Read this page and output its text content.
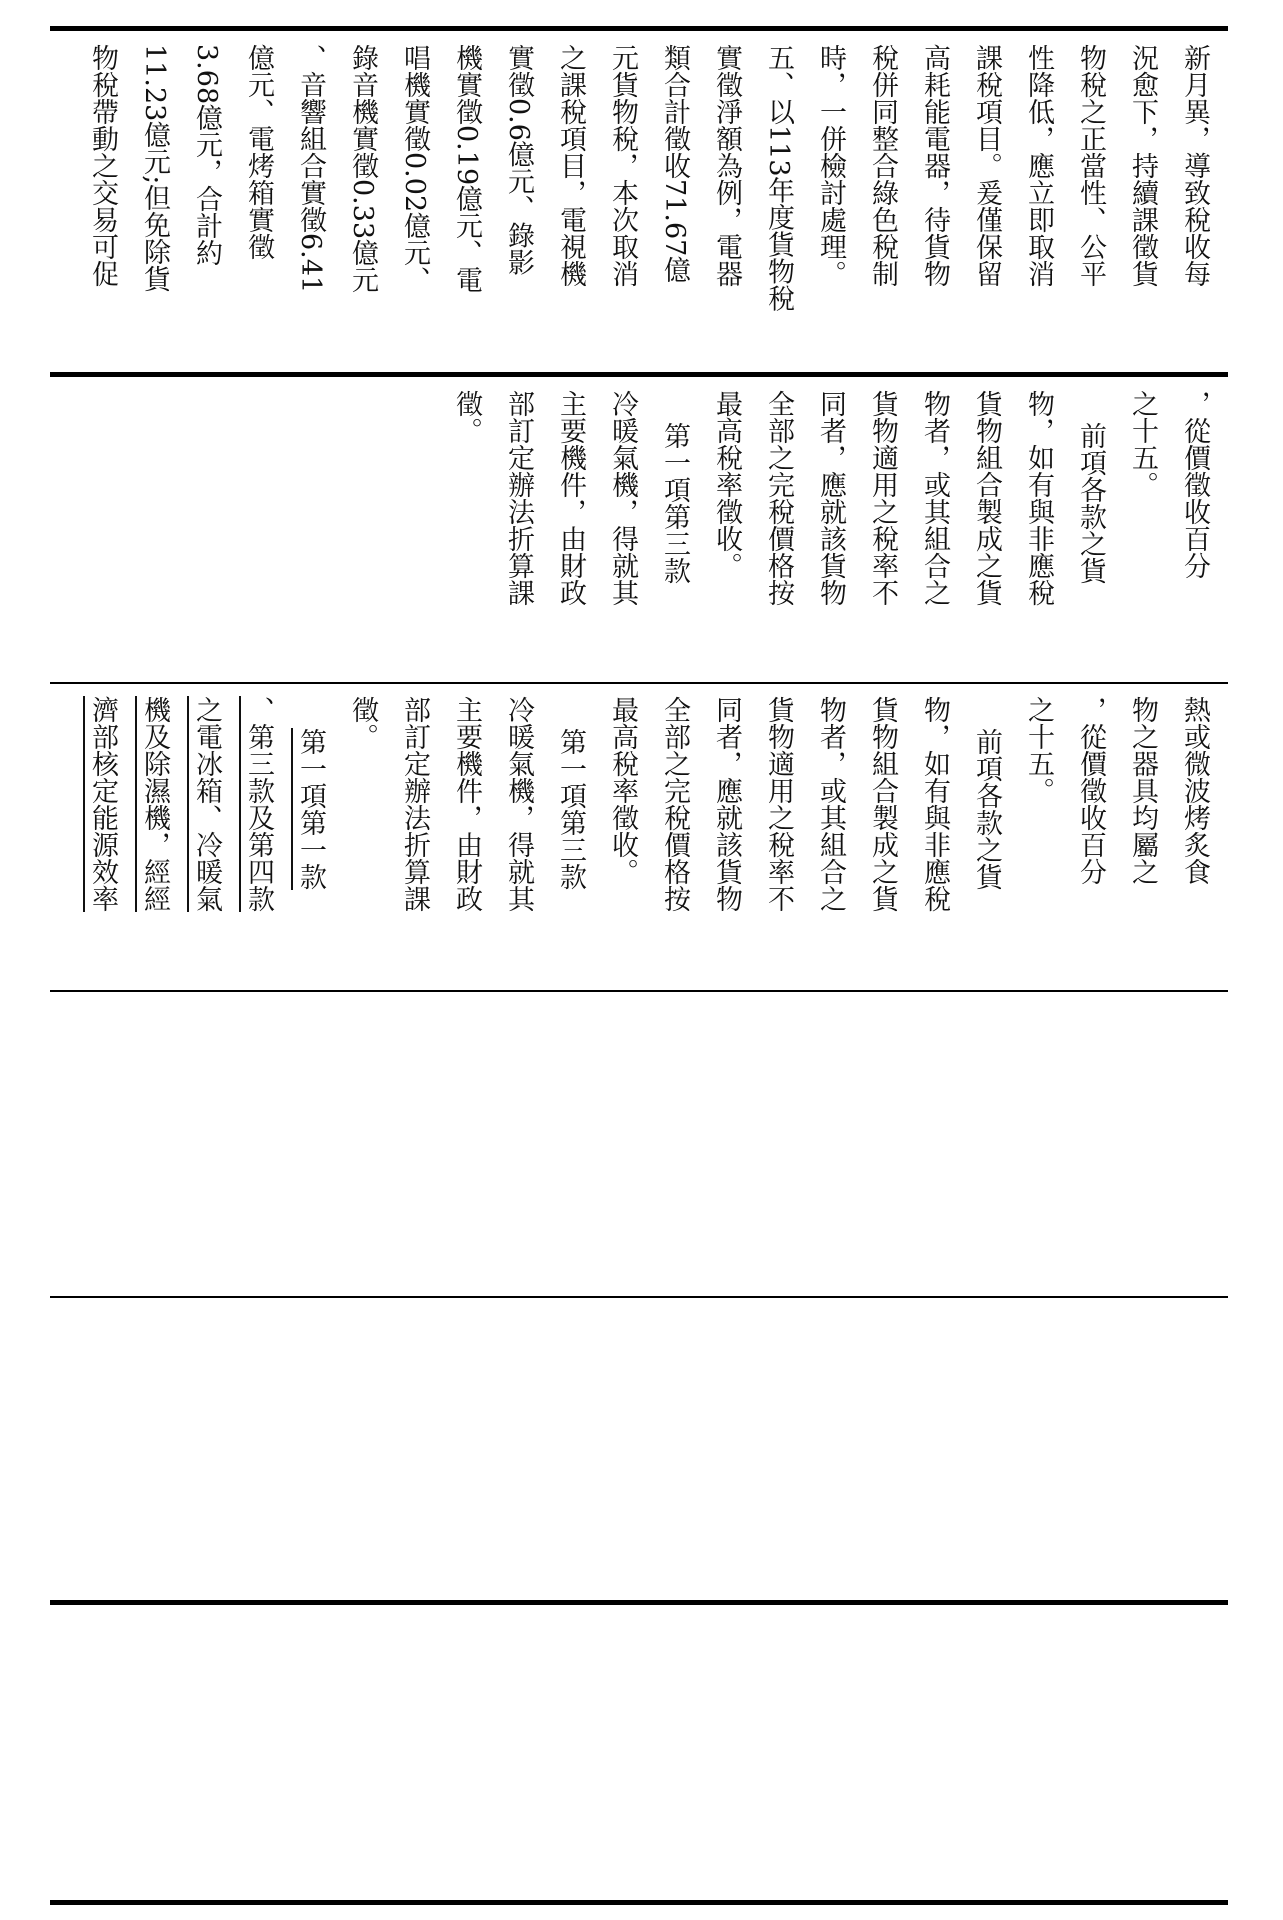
新月異，導致稅收每

況愈下，持續課徵貨

物稅之正當性、公平

性降低，應立即取消

課稅項目。爰僅保留

高耗能電器，待貨物

稅併同整合綠色稅制

時，一併檢討處理。

五、以113年度貨物稅

實徵淨額為例，電器

類合計徵收71.67億

元貨物稅，本次取消

之課稅項目，電視機

實徵0.6億元、錄影

機實徵0.19億元、電

唱機實徵0.02億元、

錄音機實徵0.33億元

、音響組合實徵6.41

億元、電烤箱實徵

3.68億元，合計約

11.23億元;但免除貨

物稅帶動之交易可促

，從價徵收百分

之十五。

前項各款之貨

物，如有與非應稅

貨物組合製成之貨

物者，或其組合之

貨物適用之稅率不

同者，應就該貨物

全部之完稅價格按

最高稅率徵收。

第一項第三款

冷暖氣機，得就其

主要機件，由財政

部訂定辦法折算課

徵。

熱或微波烤炙食

物之器具均屬之

，從價徵收百分

之十五。

前項各款之貨

物，如有與非應稅

貨物組合製成之貨

物者，或其組合之

貨物適用之稅率不

同者，應就該貨物

全部之完稅價格按

最高稅率徵收。

第一項第三款

冷暖氣機，得就其

主要機件，由財政

部訂定辦法折算課

徵。

第一項第一款

、第三款及第四款

之電冰箱、冷暖氣

機及除濕機，經經

濟部核定能源效率
